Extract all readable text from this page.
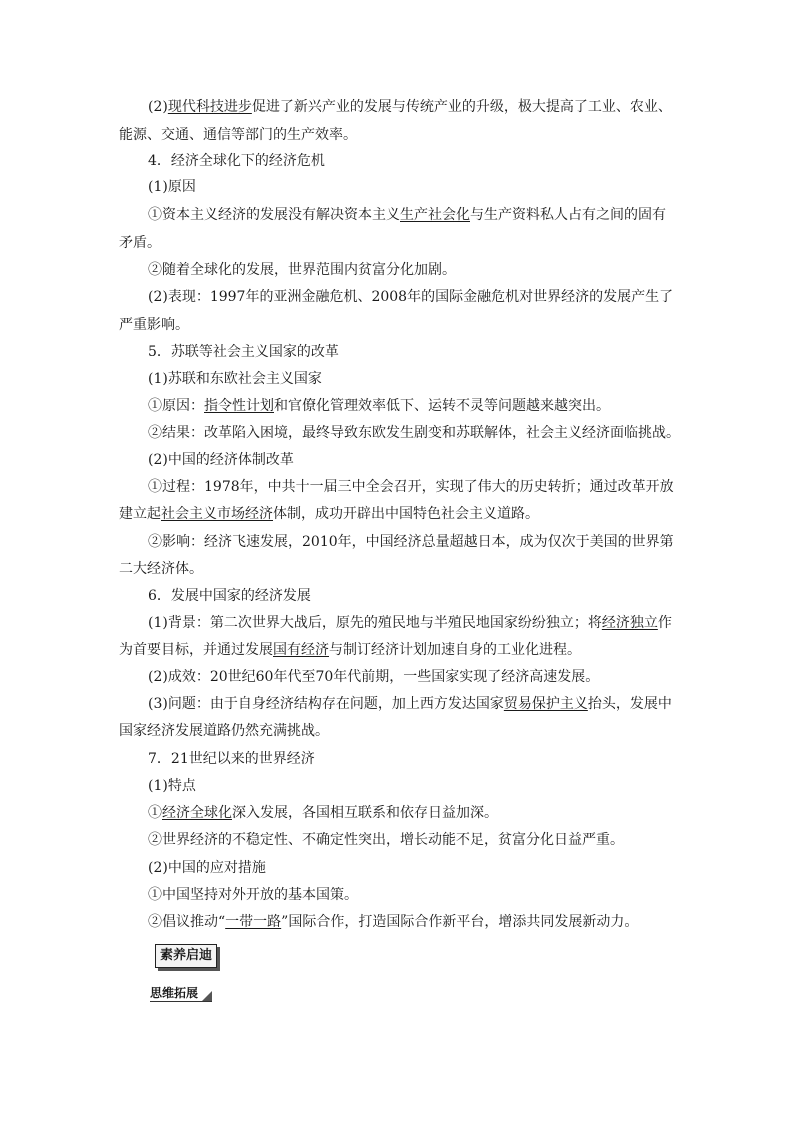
(2)现代科技进步促进了新兴产业的发展与传统产业的升级，极大提高了工业、农业、
能源、交通、通信等部门的生产效率。
4．经济全球化下的经济危机
(1)原因
①资本主义经济的发展没有解决资本主义生产社会化与生产资料私人占有之间的固有
矛盾。
②随着全球化的发展，世界范围内贫富分化加剧。
(2)表现：1997年的亚洲金融危机、2008年的国际金融危机对世界经济的发展产生了
严重影响。
5．苏联等社会主义国家的改革
(1)苏联和东欧社会主义国家
①原因：指令性计划和官僚化管理效率低下、运转不灵等问题越来越突出。
②结果：改革陷入困境，最终导致东欧发生剧变和苏联解体，社会主义经济面临挑战。
(2)中国的经济体制改革
①过程：1978年，中共十一届三中全会召开，实现了伟大的历史转折；通过改革开放
建立起社会主义市场经济体制，成功开辟出中国特色社会主义道路。
②影响：经济飞速发展，2010年，中国经济总量超越日本，成为仅次于美国的世界第
二大经济体。
6．发展中国家的经济发展
(1)背景：第二次世界大战后，原先的殖民地与半殖民地国家纷纷独立；将经济独立作
为首要目标，并通过发展国有经济与制订经济计划加速自身的工业化进程。
(2)成效：20世纪60年代至70年代前期，一些国家实现了经济高速发展。
(3)问题：由于自身经济结构存在问题，加上西方发达国家贸易保护主义抬头，发展中
国家经济发展道路仍然充满挑战。
7．21世纪以来的世界经济
(1)特点
①经济全球化深入发展，各国相互联系和依存日益加深。
②世界经济的不稳定性、不确定性突出，增长动能不足，贫富分化日益严重。
(2)中国的应对措施
①中国坚持对外开放的基本国策。
②倡议推动“一带一路”国际合作，打造国际合作新平台，增添共同发展新动力。
素养启迪
思维拓展
